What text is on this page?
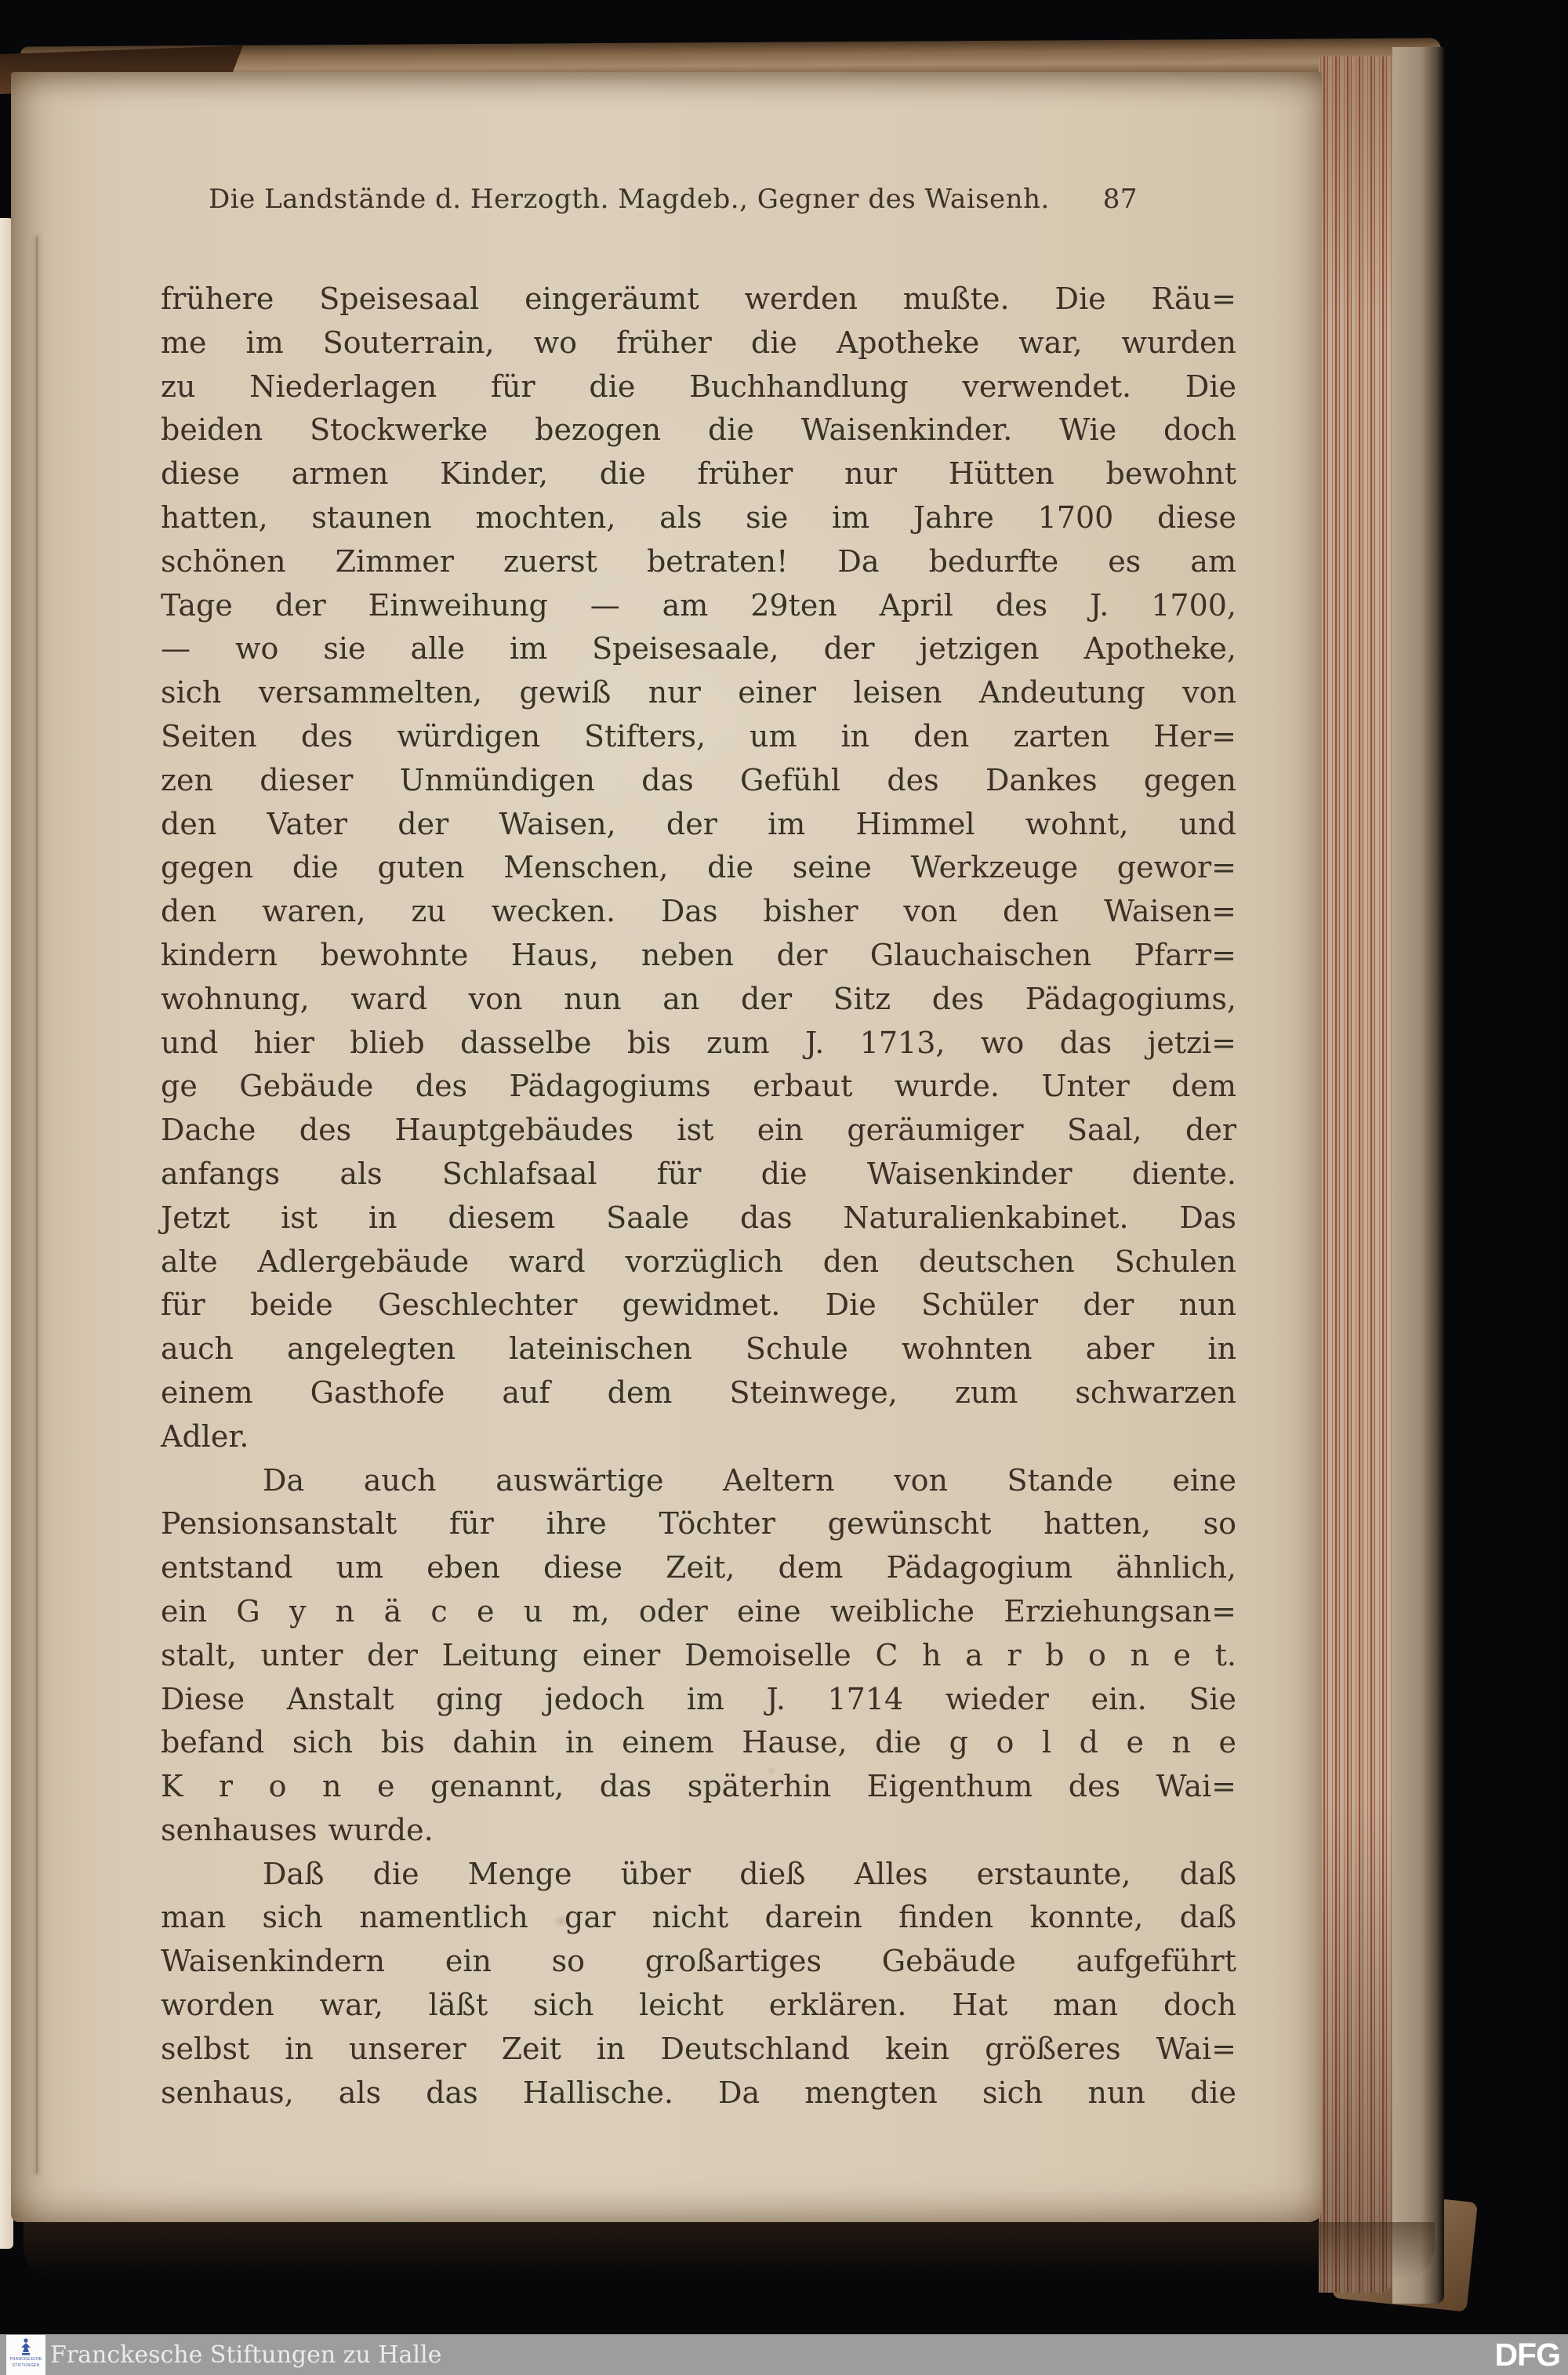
Die Landstände d. Herzogth. Magdeb., Gegner des Waisenh. 87
frühere Speisesaal eingeräumt werden mußte. Die Räu=
me im Souterrain, wo früher die Apotheke war, wurden
zu Niederlagen für die Buchhandlung verwendet. Die
beiden Stockwerke bezogen die Waisenkinder. Wie doch
diese armen Kinder, die früher nur Hütten bewohnt
hatten, staunen mochten, als sie im Jahre 1700 diese
schönen Zimmer zuerst betraten! Da bedurfte es am
Tage der Einweihung — am 29ten April des J. 1700,
— wo sie alle im Speisesaale, der jetzigen Apotheke,
sich versammelten, gewiß nur einer leisen Andeutung von
Seiten des würdigen Stifters, um in den zarten Her=
zen dieser Unmündigen das Gefühl des Dankes gegen
den Vater der Waisen, der im Himmel wohnt, und
gegen die guten Menschen, die seine Werkzeuge gewor=
den waren, zu wecken. Das bisher von den Waisen=
kindern bewohnte Haus, neben der Glauchaischen Pfarr=
wohnung, ward von nun an der Sitz des Pädagogiums,
und hier blieb dasselbe bis zum J. 1713, wo das jetzi=
ge Gebäude des Pädagogiums erbaut wurde. Unter dem
Dache des Hauptgebäudes ist ein geräumiger Saal, der
anfangs als Schlafsaal für die Waisenkinder diente.
Jetzt ist in diesem Saale das Naturalienkabinet. Das
alte Adlergebäude ward vorzüglich den deutschen Schulen
für beide Geschlechter gewidmet. Die Schüler der nun
auch angelegten lateinischen Schule wohnten aber in
einem Gasthofe auf dem Steinwege, zum schwarzen
Adler.
Da auch auswärtige Aeltern von Stande eine
Pensionsanstalt für ihre Töchter gewünscht hatten, so
entstand um eben diese Zeit, dem Pädagogium ähnlich,
ein G y n ä c e u m, oder eine weibliche Erziehungsan=
stalt, unter der Leitung einer Demoiselle C h a r b o n e t.
Diese Anstalt ging jedoch im J. 1714 wieder ein. Sie
befand sich bis dahin in einem Hause, die g o l d e n e
K r o n e genannt, das späterhin Eigenthum des Wai=
senhauses wurde.
Daß die Menge über dieß Alles erstaunte, daß
man sich namentlich gar nicht darein finden konnte, daß
Waisenkindern ein so großartiges Gebäude aufgeführt
worden war, läßt sich leicht erklären. Hat man doch
selbst in unserer Zeit in Deutschland kein größeres Wai=
senhaus, als das Hallische. Da mengten sich nun die
FRANCKESCHE
STIFTUNGEN Franckesche Stiftungen zu Halle	DFG
